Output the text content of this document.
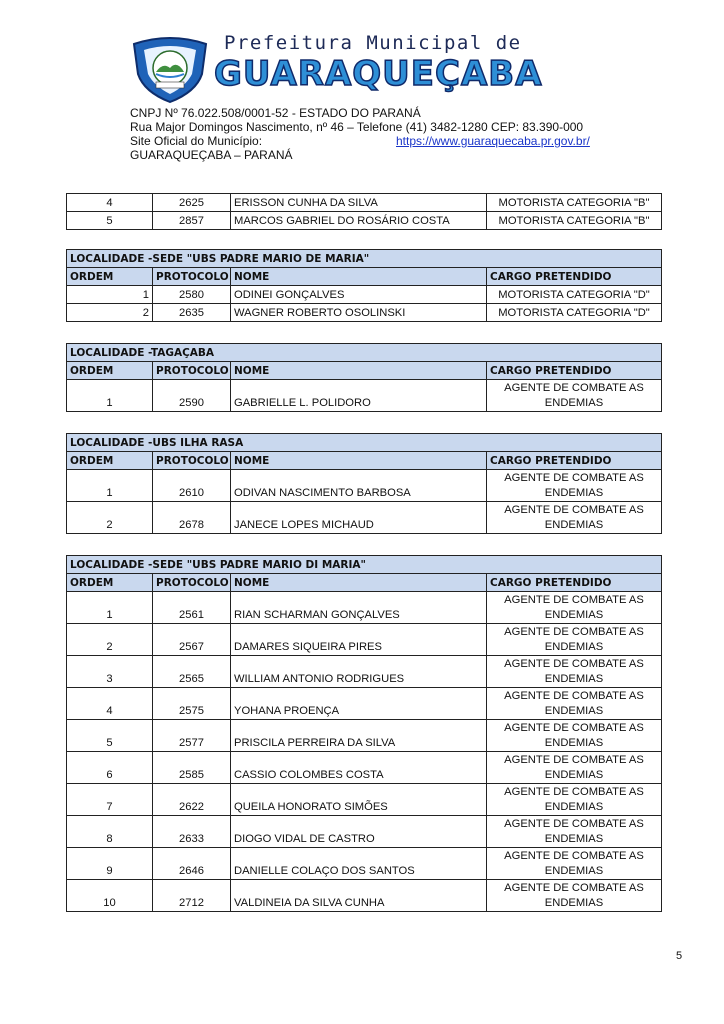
Prefeitura Municipal de
GUARAQUEÇABA
CNPJ Nº 76.022.508/0001-52 - ESTADO DO PARANÁ
Rua Major Domingos Nascimento, nº 46 – Telefone (41) 3482-1280 CEP: 83.390-000
Site Oficial do Município:	https://www.guaraquecaba.pr.gov.br/
GUARAQUEÇABA – PARANÁ
4	2625	ERISSON CUNHA DA SILVA	MOTORISTA CATEGORIA "B"
5	2857	MARCOS GABRIEL DO ROSÁRIO COSTA	MOTORISTA CATEGORIA "B"
LOCALIDADE -SEDE "UBS PADRE MARIO DE MARIA"			
ORDEM	PROTOCOLO	NOME	CARGO PRETENDIDO
1	2580	ODINEI GONÇALVES	MOTORISTA CATEGORIA "D"
2	2635	WAGNER ROBERTO OSOLINSKI	MOTORISTA CATEGORIA "D"
LOCALIDADE -TAGAÇABA			
ORDEM	PROTOCOLO	NOME	CARGO PRETENDIDO
1	2590	GABRIELLE L. POLIDORO	AGENTE DE COMBATE AS
ENDEMIAS
LOCALIDADE -UBS ILHA RASA			
ORDEM	PROTOCOLO	NOME	CARGO PRETENDIDO
1	2610	ODIVAN NASCIMENTO BARBOSA	AGENTE DE COMBATE AS
ENDEMIAS
2	2678	JANECE LOPES MICHAUD	AGENTE DE COMBATE AS
ENDEMIAS
LOCALIDADE -SEDE "UBS PADRE MARIO DI MARIA"			
ORDEM	PROTOCOLO	NOME	CARGO PRETENDIDO
1	2561	RIAN SCHARMAN GONÇALVES	AGENTE DE COMBATE AS
ENDEMIAS
2	2567	DAMARES SIQUEIRA PIRES	AGENTE DE COMBATE AS
ENDEMIAS
3	2565	WILLIAM ANTONIO RODRIGUES	AGENTE DE COMBATE AS
ENDEMIAS
4	2575	YOHANA PROENÇA	AGENTE DE COMBATE AS
ENDEMIAS
5	2577	PRISCILA PERREIRA DA SILVA	AGENTE DE COMBATE AS
ENDEMIAS
6	2585	CASSIO COLOMBES COSTA	AGENTE DE COMBATE AS
ENDEMIAS
7	2622	QUEILA HONORATO SIMÕES	AGENTE DE COMBATE AS
ENDEMIAS
8	2633	DIOGO VIDAL DE CASTRO	AGENTE DE COMBATE AS
ENDEMIAS
9	2646	DANIELLE COLAÇO DOS SANTOS	AGENTE DE COMBATE AS
ENDEMIAS
10	2712	VALDINEIA DA SILVA CUNHA	AGENTE DE COMBATE AS
ENDEMIAS
5
